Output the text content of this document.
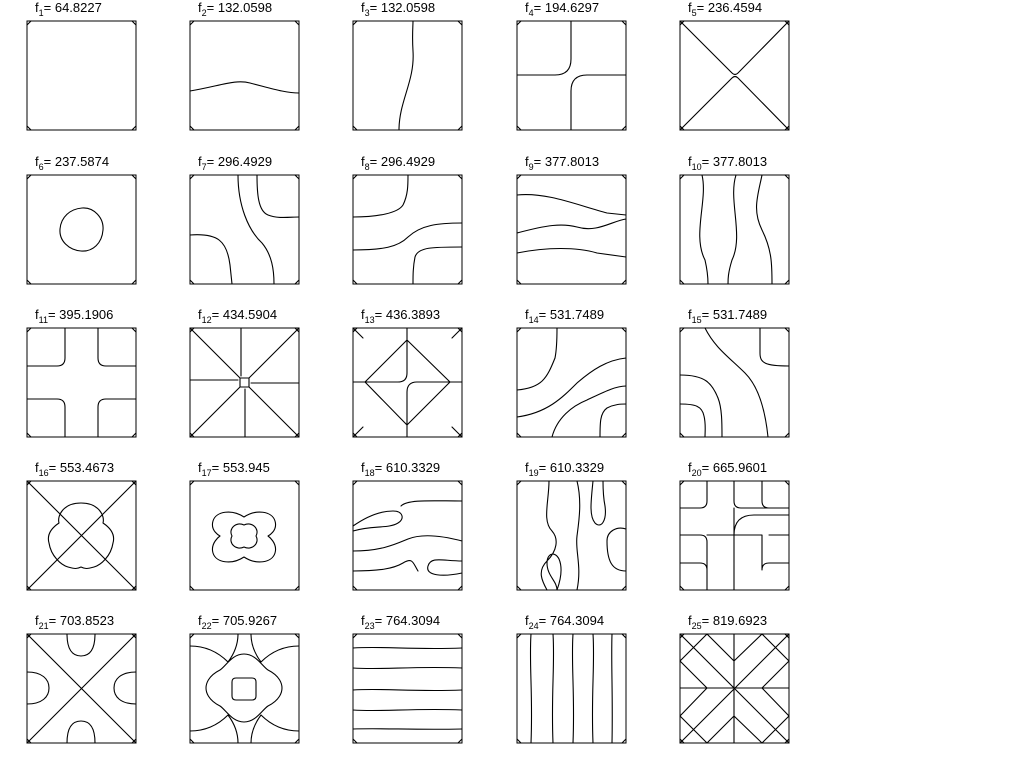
$f_1= 64.8227$	$f_2= 132.0598$	$f_3= 132.0598$	$f_4= 194.6297$	$f_5= 236.4594$
$f_6= 237.5874$	$f_7= 296.4929$	$f_8= 296.4929$	$f_9= 377.8013$	$f_{10}= 377.8013$
$f_{11}= 395.1906$	$f_{12}= 434.5904$	$f_{13}= 436.3893$	$f_{14}= 531.7489$	$f_{15}= 531.7489$
$f_{16}= 553.4673$	$f_{17}= 553.945$	$f_{18}= 610.3329$	$f_{19}= 610.3329$	$f_{20}= 665.9601$
$f_{21}= 703.8523$	$f_{22}= 705.9267$	$f_{23}= 764.3094$	$f_{24}= 764.3094$	$f_{25}= 819.6923$
